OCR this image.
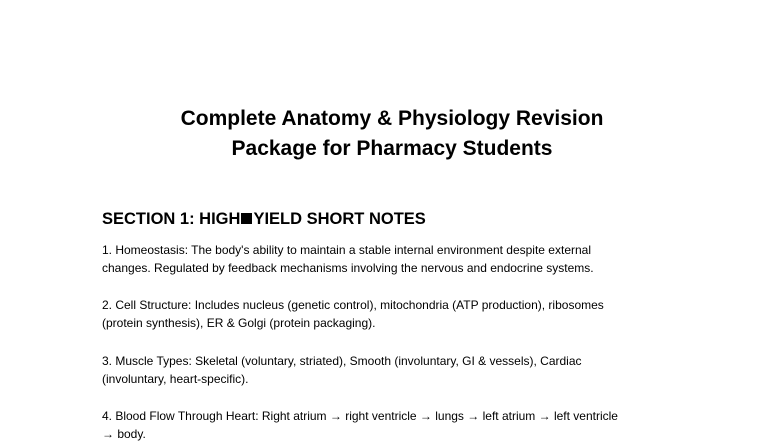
Complete Anatomy & Physiology Revision
Package for Pharmacy Students
SECTION 1: HIGH YIELD SHORT NOTES

1. Homeostasis: The body's ability to maintain a stable internal environment despite external
changes. Regulated by feedback mechanisms involving the nervous and endocrine systems.

2. Cell Structure: Includes nucleus (genetic control), mitochondria (ATP production), ribosomes
(protein synthesis), ER & Golgi (protein packaging).

3. Muscle Types: Skeletal (voluntary, striated), Smooth (involuntary, GI & vessels), Cardiac
(involuntary, heart-specific).

4. Blood Flow Through Heart: Right atrium → right ventricle → lungs → left atrium → left ventricle
→ body.
